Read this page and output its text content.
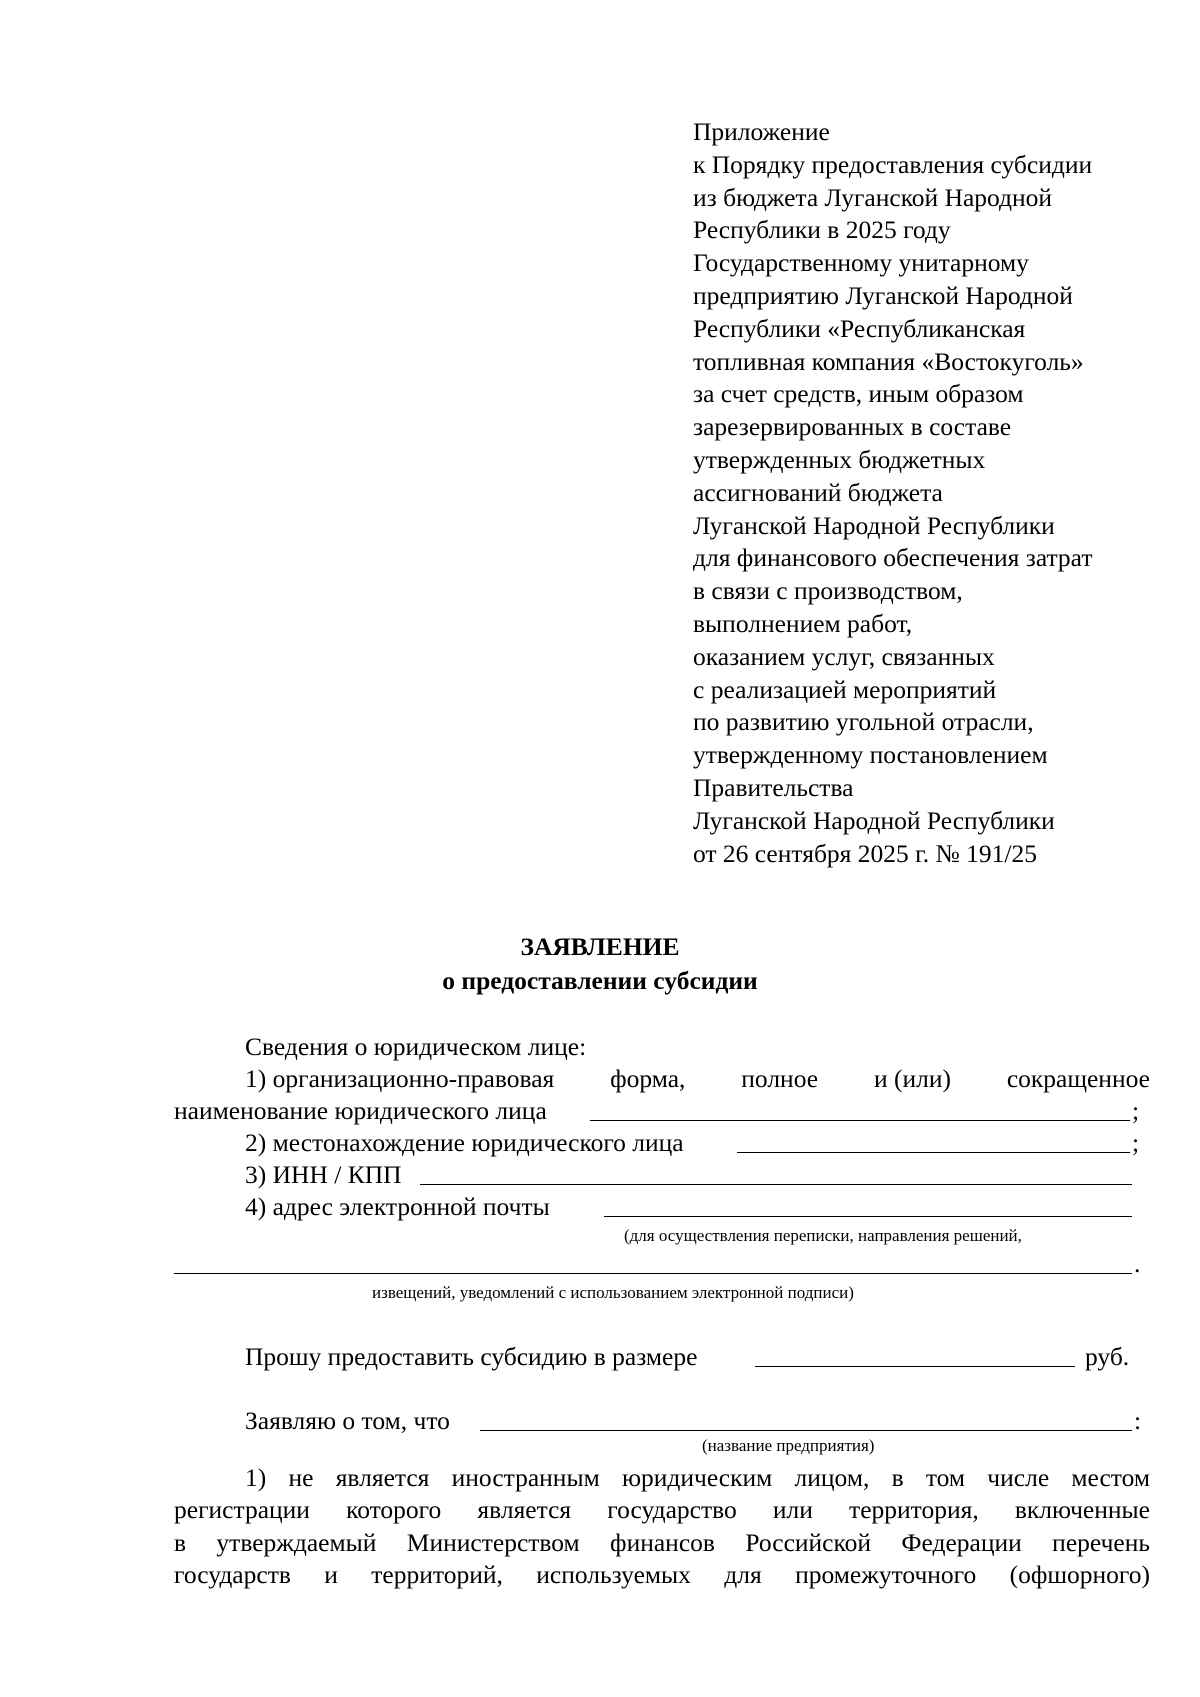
Приложение
к Порядку предоставления субсидии
из бюджета Луганской Народной
Республики в 2025 году
Государственному унитарному
предприятию Луганской Народной
Республики «Республиканская
топливная компания «Востокуголь»
за счет средств, иным образом
зарезервированных в составе
утвержденных бюджетных
ассигнований бюджета
Луганской Народной Республики
для финансового обеспечения затрат
в связи с производством,
выполнением работ,
оказанием услуг, связанных
с реализацией мероприятий
по развитию угольной отрасли,
утвержденному постановлением
Правительства
Луганской Народной Республики
от 26 сентября 2025 г. № 191/25
ЗАЯВЛЕНИЕ
о предоставлении субсидии
Сведения о юридическом лице:
1) организационно-правовая форма, полное и (или) сокращенное
наименование юридического лица	;
2) местонахождение юридического лица	;
3) ИНН / КПП
4) адрес электронной почты
(для осуществления переписки, направления решений,
.
извещений, уведомлений с использованием электронной подписи)
Прошу предоставить субсидию в размере	руб.
Заявляю о том, что	:
(название предприятия)
1) не является иностранным юридическим лицом, в том числе местом
регистрации которого является государство или территория, включенные
в утверждаемый Министерством финансов Российской Федерации перечень
государств и территорий, используемых для промежуточного (офшорного)
